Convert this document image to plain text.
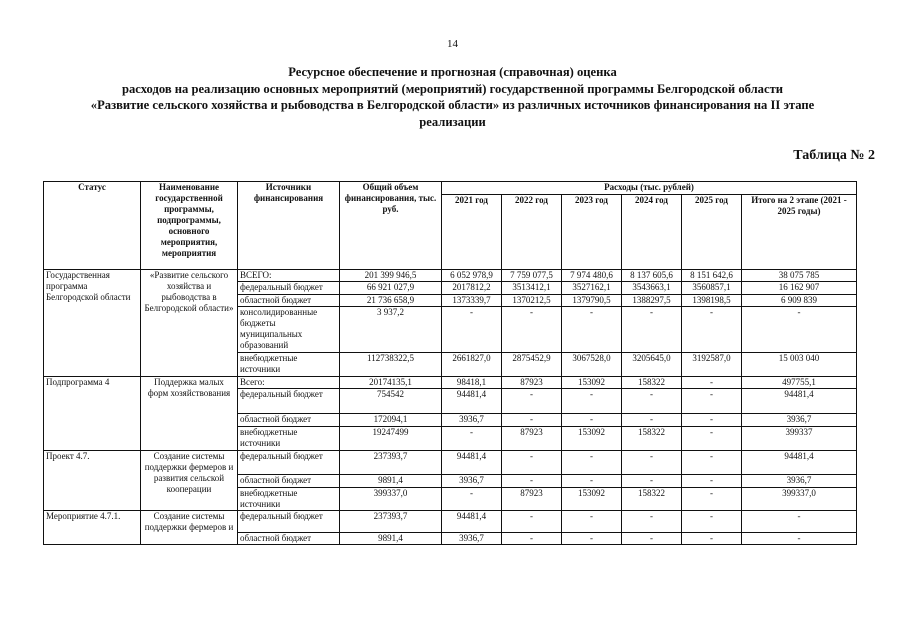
14
Ресурсное обеспечение и прогнозная (справочная) оценка
расходов на реализацию основных мероприятий (мероприятий) государственной программы Белгородской области
«Развитие сельского хозяйства и рыбоводства в Белгородской области» из различных источников финансирования на II этапе
реализации
Таблица № 2
Статус	Наименование государственной программы, подпрограммы, основного мероприятия, мероприятия	Источники финансирования	Общий объем финансирования, тыс. руб.	Расходы (тыс. рублей)					
				2021 год	2022 год	2023 год	2024 год	2025 год	Итого на 2 этапе (2021 - 2025 годы)
Государственная программа Белгородской области	«Развитие сельского хозяйства и рыбоводства в Белгородской области»	ВСЕГО:	201 399 946,5	6 052 978,9	7 759 077,5	7 974 480,6	8 137 605,6	8 151 642,6	38 075 785
		федеральный бюджет	66 921 027,9	2017812,2	3513412,1	3527162,1	3543663,1	3560857,1	16 162 907
		областной бюджет	21 736 658,9	1373339,7	1370212,5	1379790,5	1388297,5	1398198,5	6 909 839
		консолидированные бюджеты муниципальных образований	3 937,2	-	-	-	-	-	-
		внебюджетные источники	112738322,5	2661827,0	2875452,9	3067528,0	3205645,0	3192587,0	15 003 040
Подпрограмма 4	Поддержка малых форм хозяйствования	Всего:	20174135,1	98418,1	87923	153092	158322	-	497755,1
		федеральный бюджет	754542	94481,4	-	-	-	-	94481,4
		областной бюджет	172094,1	3936,7	-	-	-	-	3936,7
		внебюджетные источники	19247499	-	87923	153092	158322	-	399337
Проект 4.7.	Создание системы поддержки фермеров и развития сельской кооперации	федеральный бюджет	237393,7	94481,4	-	-	-	-	94481,4
		областной бюджет	9891,4	3936,7	-	-	-	-	3936,7
		внебюджетные источники	399337,0	-	87923	153092	158322	-	399337,0
Мероприятие 4.7.1.	Создание системы поддержки фермеров и	федеральный бюджет	237393,7	94481,4	-	-	-	-	-
		областной бюджет	9891,4	3936,7	-	-	-	-	-
